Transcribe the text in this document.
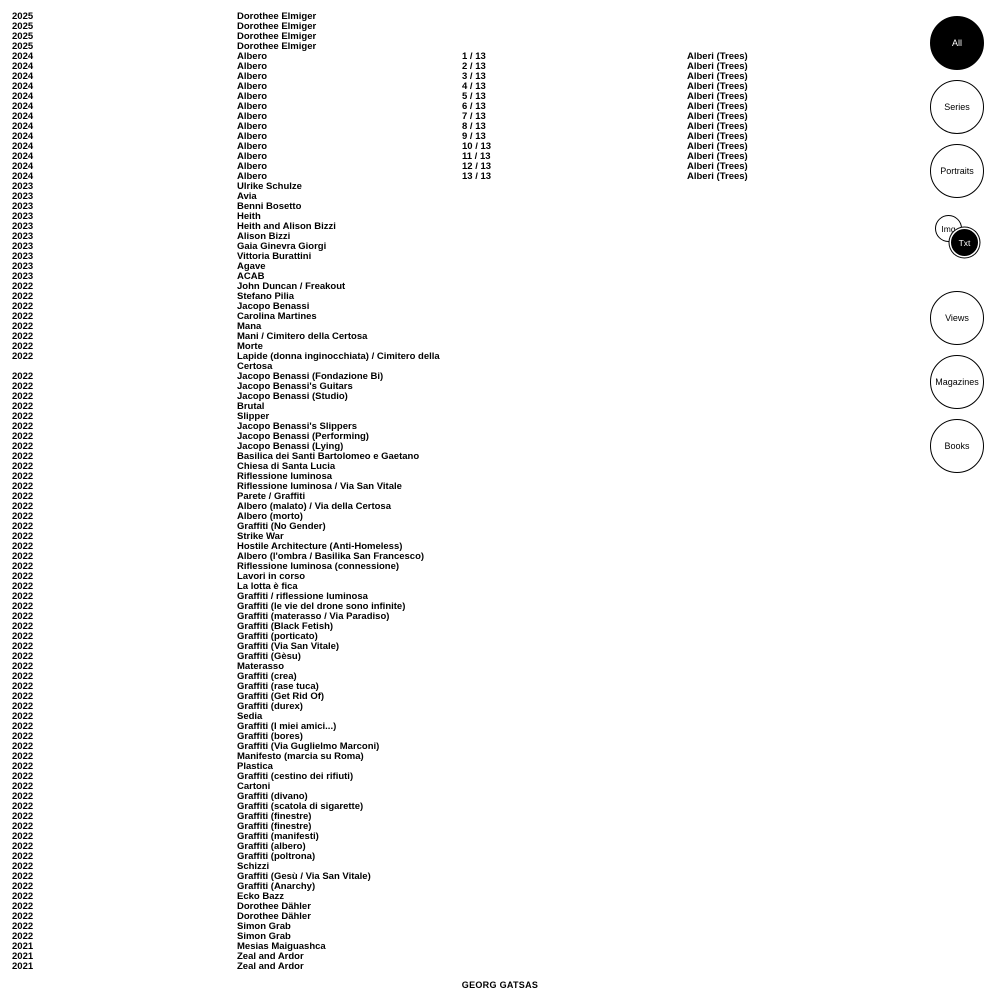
2025	Dorothee Elmiger
2025	Dorothee Elmiger
2025	Dorothee Elmiger
2025	Dorothee Elmiger
2024	Albero	1 / 13	Alberi (Trees)
2024	Albero	2 / 13	Alberi (Trees)
2024	Albero	3 / 13	Alberi (Trees)
2024	Albero	4 / 13	Alberi (Trees)
2024	Albero	5 / 13	Alberi (Trees)
2024	Albero	6 / 13	Alberi (Trees)
2024	Albero	7 / 13	Alberi (Trees)
2024	Albero	8 / 13	Alberi (Trees)
2024	Albero	9 / 13	Alberi (Trees)
2024	Albero	10 / 13	Alberi (Trees)
2024	Albero	11 / 13	Alberi (Trees)
2024	Albero	12 / 13	Alberi (Trees)
2024	Albero	13 / 13	Alberi (Trees)
2023	Ulrike Schulze
2023	Avia
2023	Benni Bosetto
2023	Heith
2023	Heith and Alison Bizzi
2023	Alison Bizzi
2023	Gaia Ginevra Giorgi
2023	Vittoria Burattini
2023	Agave
2023	ACAB
2022	John Duncan / Freakout
2022	Stefano Pilia
2022	Jacopo Benassi
2022	Carolina Martines
2022	Mana
2022	Mani / Cimitero della Certosa
2022	Morte
2022	Lapide (donna inginocchiata) / Cimitero della Certosa
2022	Jacopo Benassi (Fondazione Bi)
2022	Jacopo Benassi's Guitars
2022	Jacopo Benassi (Studio)
2022	Brutal
2022	Slipper
2022	Jacopo Benassi's Slippers
2022	Jacopo Benassi (Performing)
2022	Jacopo Benassi (Lying)
2022	Basilica dei Santi Bartolomeo e Gaetano
2022	Chiesa di Santa Lucia
2022	Riflessione luminosa
2022	Riflessione luminosa / Via San Vitale
2022	Parete / Graffiti
2022	Albero (malato) / Via della Certosa
2022	Albero (morto)
2022	Graffiti (No Gender)
2022	Strike War
2022	Hostile Architecture (Anti-Homeless)
2022	Albero (l'ombra / Basilika San Francesco)
2022	Riflessione luminosa (connessione)
2022	Lavori in corso
2022	La lotta è fica
2022	Graffiti / riflessione luminosa
2022	Graffiti (le vie del drone sono infinite)
2022	Graffiti (materasso / Via Paradiso)
2022	Graffiti (Black Fetish)
2022	Graffiti (porticato)
2022	Graffiti (Via San Vitale)
2022	Graffiti (Gèsu)
2022	Materasso
2022	Graffiti (crea)
2022	Graffiti (rase tuca)
2022	Graffiti (Get Rid Of)
2022	Graffiti (durex)
2022	Sedia
2022	Graffiti (I miei amici...)
2022	Graffiti (bores)
2022	Graffiti (Via Guglielmo Marconi)
2022	Manifesto (marcia su Roma)
2022	Plastica
2022	Graffiti (cestino dei rifiuti)
2022	Cartoni
2022	Graffiti (divano)
2022	Graffiti (scatola di sigarette)
2022	Graffiti (finestre)
2022	Graffiti (finestre)
2022	Graffiti (manifesti)
2022	Graffiti (albero)
2022	Graffiti (poltrona)
2022	Schizzi
2022	Graffiti (Gesù / Via San Vitale)
2022	Graffiti (Anarchy)
2022	Ecko Bazz
2022	Dorothee Dähler
2022	Dorothee Dähler
2022	Simon Grab
2022	Simon Grab
2021	Mesias Maiguashca
2021	Zeal and Ardor
2021	Zeal and Ardor
All
Series
Portraits
Img
Txt
Views
Magazines
Books
GEORG GATSAS
